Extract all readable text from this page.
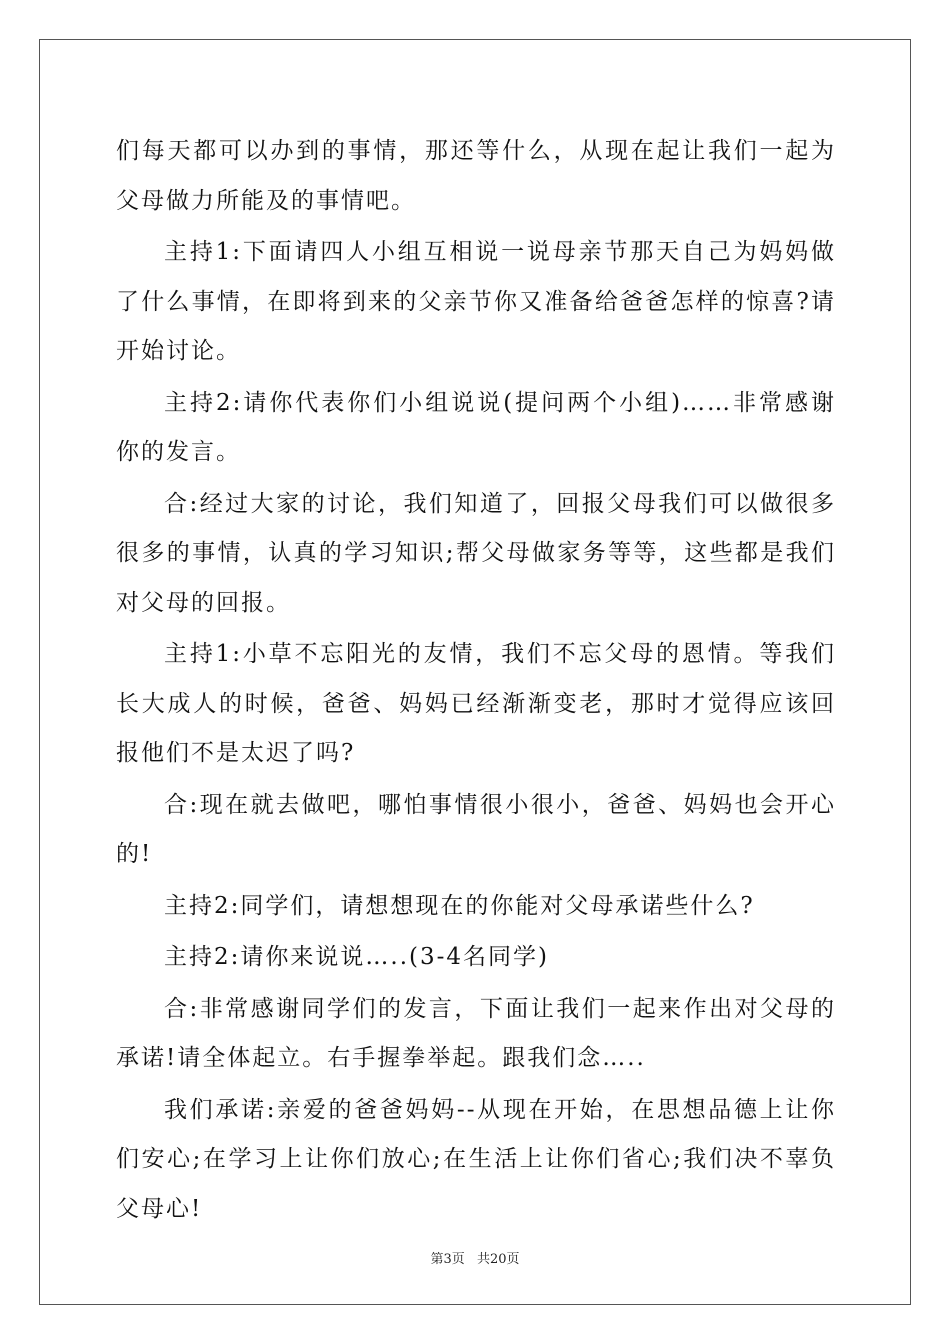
们每天都可以办到的事情，那还等什么，从现在起让我们一起为父母做力所能及的事情吧。

主持1:下面请四人小组互相说一说母亲节那天自己为妈妈做了什么事情，在即将到来的父亲节你又准备给爸爸怎样的惊喜?请开始讨论。

主持2:请你代表你们小组说说(提问两个小组)……非常感谢你的发言。

合:经过大家的讨论，我们知道了，回报父母我们可以做很多很多的事情，认真的学习知识;帮父母做家务等等，这些都是我们对父母的回报。

主持1:小草不忘阳光的友情，我们不忘父母的恩情。等我们长大成人的时候，爸爸、妈妈已经渐渐变老，那时才觉得应该回报他们不是太迟了吗?

合:现在就去做吧，哪怕事情很小很小，爸爸、妈妈也会开心的!

主持2:同学们，请想想现在的你能对父母承诺些什么?

主持2:请你来说说…..(3-4名同学)

合:非常感谢同学们的发言，下面让我们一起来作出对父母的承诺!请全体起立。右手握拳举起。跟我们念…..

我们承诺:亲爱的爸爸妈妈--从现在开始，在思想品德上让你们安心;在学习上让你们放心;在生活上让你们省心;我们决不辜负父母心!

第3页 共20页
